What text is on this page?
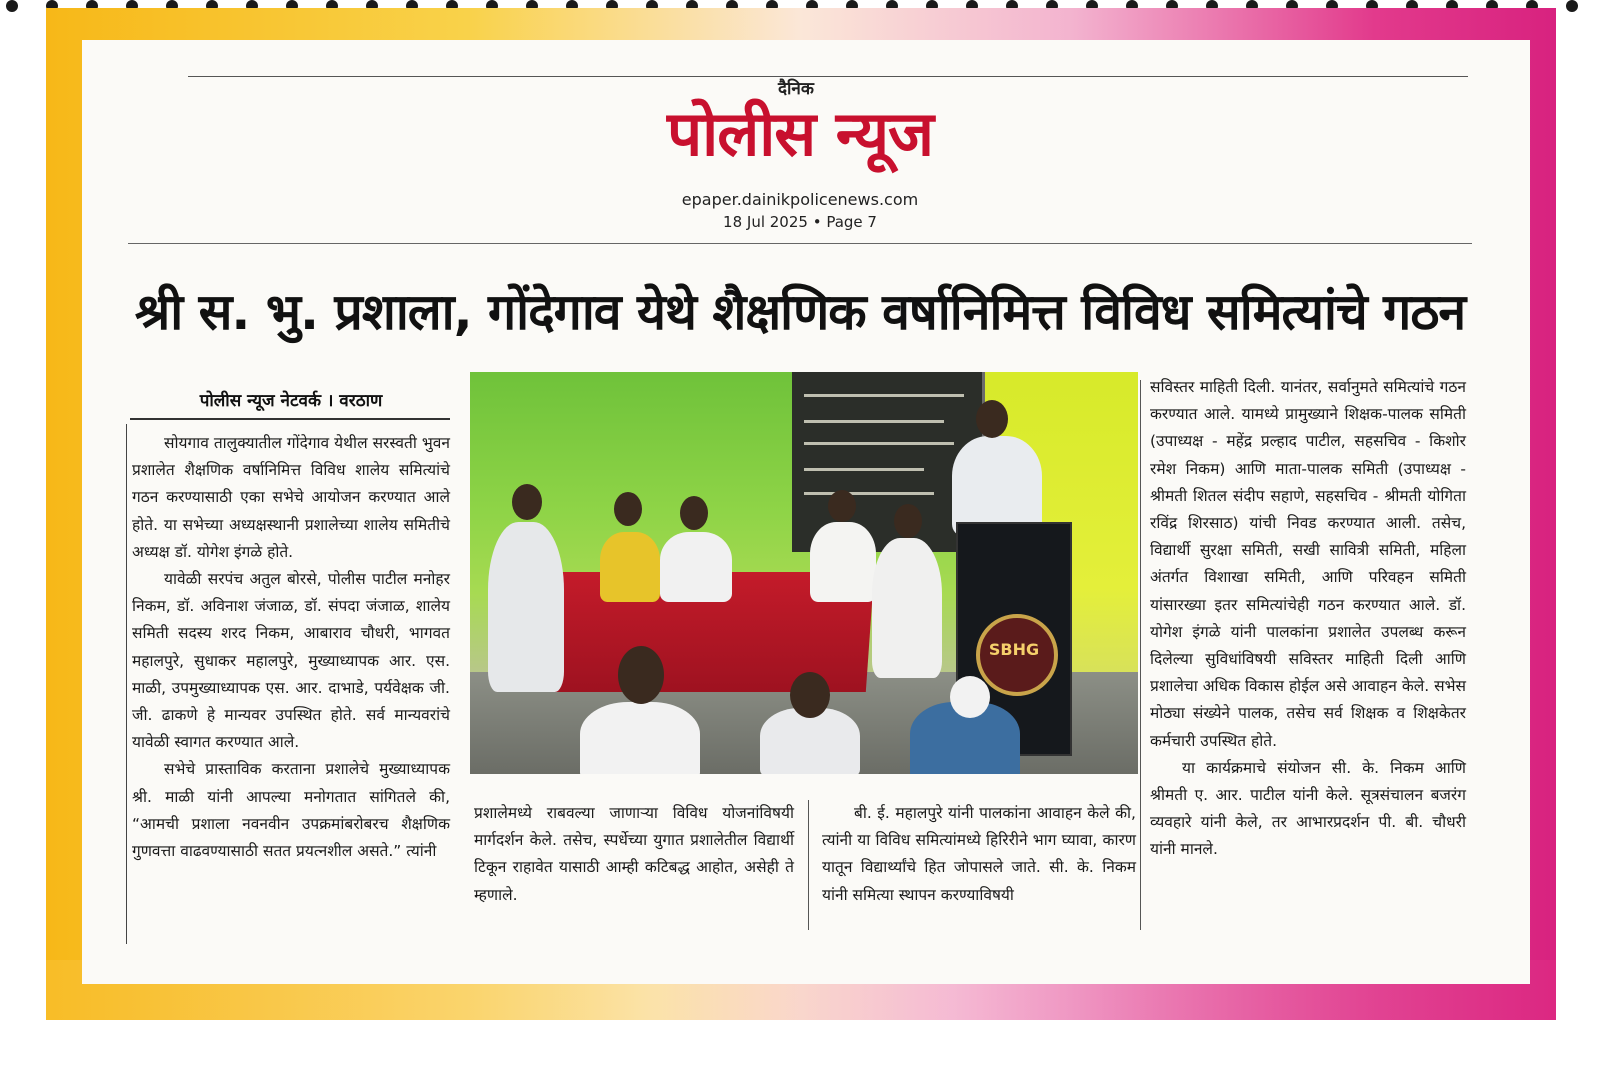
दैनिक
पोलीस न्यूज
epaper.dainikpolicenews.com
18 Jul 2025 • Page 7
श्री स. भु. प्रशाला, गोंदेगाव येथे शैक्षणिक वर्षानिमित्त विविध समित्यांचे गठन
पोलीस न्यूज नेटवर्क । वरठाण

सोयगाव तालुक्यातील गोंदेगाव येथील सरस्वती भुवन प्रशालेत शैक्षणिक वर्षानिमित्त विविध शालेय समित्यांचे गठन करण्यासाठी एका सभेचे आयोजन करण्यात आले होते. या सभेच्या अध्यक्षस्थानी प्रशालेच्या शालेय समितीचे अध्यक्ष डॉ. योगेश इंगळे होते.

यावेळी सरपंच अतुल बोरसे, पोलीस पाटील मनोहर निकम, डॉ. अविनाश जंजाळ, डॉ. संपदा जंजाळ, शालेय समिती सदस्य शरद निकम, आबाराव चौधरी, भागवत महालपुरे, सुधाकर महालपुरे, मुख्याध्यापक आर. एस. माळी, उपमुख्याध्यापक एस. आर. दाभाडे, पर्यवेक्षक जी. जी. ढाकणे हे मान्यवर उपस्थित होते. सर्व मान्यवरांचे यावेळी स्वागत करण्यात आले.

सभेचे प्रास्ताविक करताना प्रशालेचे मुख्याध्यापक श्री. माळी यांनी आपल्या मनोगतात सांगितले की, “आमची प्रशाला नवनवीन उपक्रमांबरोबरच शैक्षणिक गुणवत्ता वाढवण्यासाठी सतत प्रयत्नशील असते.” त्यांनी

SBHG

प्रशालेमध्ये राबवल्या जाणाऱ्या विविध योजनांविषयी मार्गदर्शन केले. तसेच, स्पर्धेच्या युगात प्रशालेतील विद्यार्थी टिकून राहावेत यासाठी आम्ही कटिबद्ध आहोत, असेही ते म्हणाले.

बी. ई. महालपुरे यांनी पालकांना आवाहन केले की, त्यांनी या विविध समित्यांमध्ये हिरिरीने भाग घ्यावा, कारण यातून विद्यार्थ्यांचे हित जोपासले जाते. सी. के. निकम यांनी समित्या स्थापन करण्याविषयी

सविस्तर माहिती दिली. यानंतर, सर्वानुमते समित्यांचे गठन करण्यात आले. यामध्ये प्रामुख्याने शिक्षक-पालक समिती (उपाध्यक्ष - महेंद्र प्रल्हाद पाटील, सहसचिव - किशोर रमेश निकम) आणि माता-पालक समिती (उपाध्यक्ष - श्रीमती शितल संदीप सहाणे, सहसचिव - श्रीमती योगिता रविंद्र शिरसाठ) यांची निवड करण्यात आली. तसेच, विद्यार्थी सुरक्षा समिती, सखी सावित्री समिती, महिला अंतर्गत विशाखा समिती, आणि परिवहन समिती यांसारख्या इतर समित्यांचेही गठन करण्यात आले. डॉ. योगेश इंगळे यांनी पालकांना प्रशालेत उपलब्ध करून दिलेल्या सुविधांविषयी सविस्तर माहिती दिली आणि प्रशालेचा अधिक विकास होईल असे आवाहन केले. सभेस मोठ्या संख्येने पालक, तसेच सर्व शिक्षक व शिक्षकेतर कर्मचारी उपस्थित होते.

या कार्यक्रमाचे संयोजन सी. के. निकम आणि श्रीमती ए. आर. पाटील यांनी केले. सूत्रसंचालन बजरंग व्यवहारे यांनी केले, तर आभारप्रदर्शन पी. बी. चौधरी यांनी मानले.
